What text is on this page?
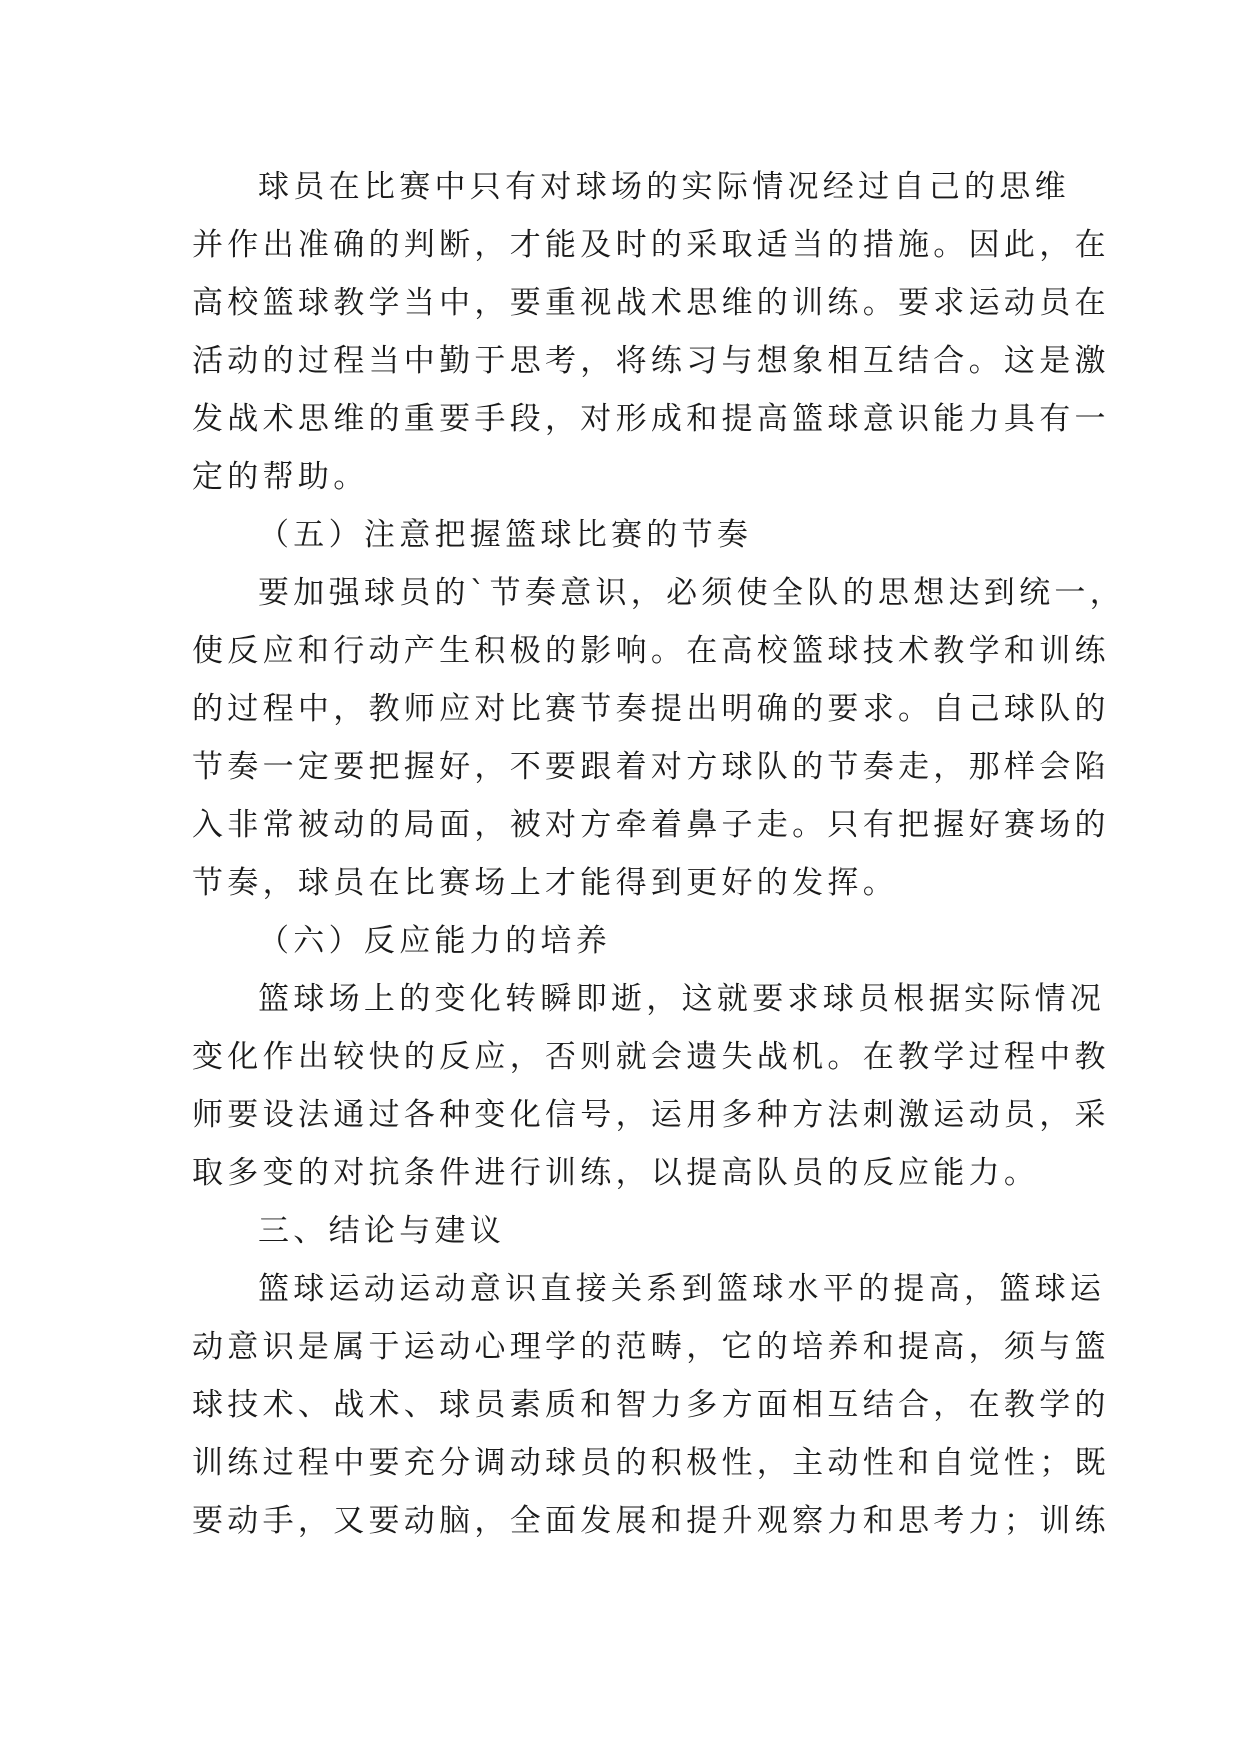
球员在比赛中只有对球场的实际情况经过自己的思维
并作出准确的判断，才能及时的采取适当的措施。因此，在
高校篮球教学当中，要重视战术思维的训练。要求运动员在
活动的过程当中勤于思考，将练习与想象相互结合。这是激
发战术思维的重要手段，对形成和提高篮球意识能力具有一
定的帮助。
（五）注意把握篮球比赛的节奏
要加强球员的`节奏意识，必须使全队的思想达到统一，
使反应和行动产生积极的影响。在高校篮球技术教学和训练
的过程中，教师应对比赛节奏提出明确的要求。自己球队的
节奏一定要把握好，不要跟着对方球队的节奏走，那样会陷
入非常被动的局面，被对方牵着鼻子走。只有把握好赛场的
节奏，球员在比赛场上才能得到更好的发挥。
（六）反应能力的培养
篮球场上的变化转瞬即逝，这就要求球员根据实际情况
变化作出较快的反应，否则就会遗失战机。在教学过程中教
师要设法通过各种变化信号，运用多种方法刺激运动员，采
取多变的对抗条件进行训练，以提高队员的反应能力。
三、结论与建议
篮球运动运动意识直接关系到篮球水平的提高，篮球运
动意识是属于运动心理学的范畴，它的培养和提高，须与篮
球技术、战术、球员素质和智力多方面相互结合，在教学的
训练过程中要充分调动球员的积极性，主动性和自觉性；既
要动手，又要动脑，全面发展和提升观察力和思考力；训练
